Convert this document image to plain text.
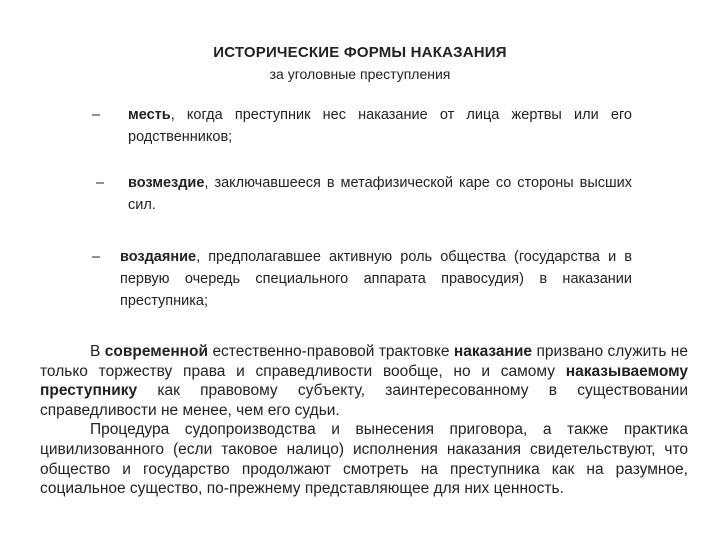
ИСТОРИЧЕСКИЕ ФОРМЫ НАКАЗАНИЯ
за уголовные преступления
– месть, когда преступник нес наказание от лица жертвы или его родственников;
– возмездие, заключавшееся в метафизической каре со стороны высших сил.
– воздаяние, предполагавшее активную роль общества (государства и в первую очередь специального аппарата правосудия) в наказании преступника;

В современной естественно-правовой трактовке наказание призвано служить не только торжеству права и справедливости вообще, но и самому наказываемому преступнику как правовому субъекту, заинтересованному в существовании справедливости не менее, чем его судьи.

Процедура судопроизводства и вынесения приговора, а также практика цивилизованного (если таковое налицо) исполнения наказания свидетельствуют, что общество и государство продолжают смотреть на преступника как на разумное, социальное существо, по-прежнему представляющее для них ценность.
